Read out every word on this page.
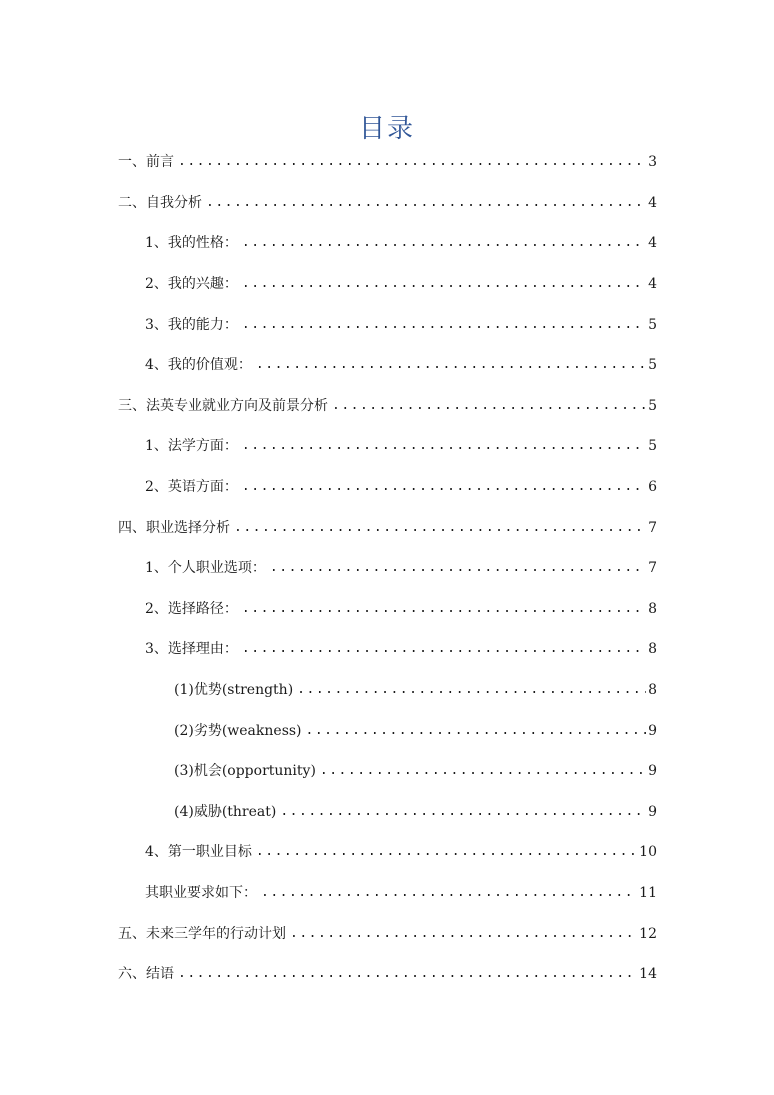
目录
一、前言 .....	3
二、自我分析 .....	4
1、我的性格： .....	4
2、我的兴趣： .....	4
3、我的能力： .....	5
4、我的价值观： .....	5
三、法英专业就业方向及前景分析 .....	5
1、法学方面： .....	5
2、英语方面： .....	6
四、职业选择分析 .....	7
1、个人职业选项： .....	7
2、选择路径： .....	8
3、选择理由： .....	8
(1)优势(strength) .....	8
(2)劣势(weakness) .....	9
(3)机会(opportunity) .....	9
(4)威胁(threat) .....	9
4、第一职业目标 .....	10
其职业要求如下： .....	11
五、未来三学年的行动计划 .....	12
六、结语 .....	14
